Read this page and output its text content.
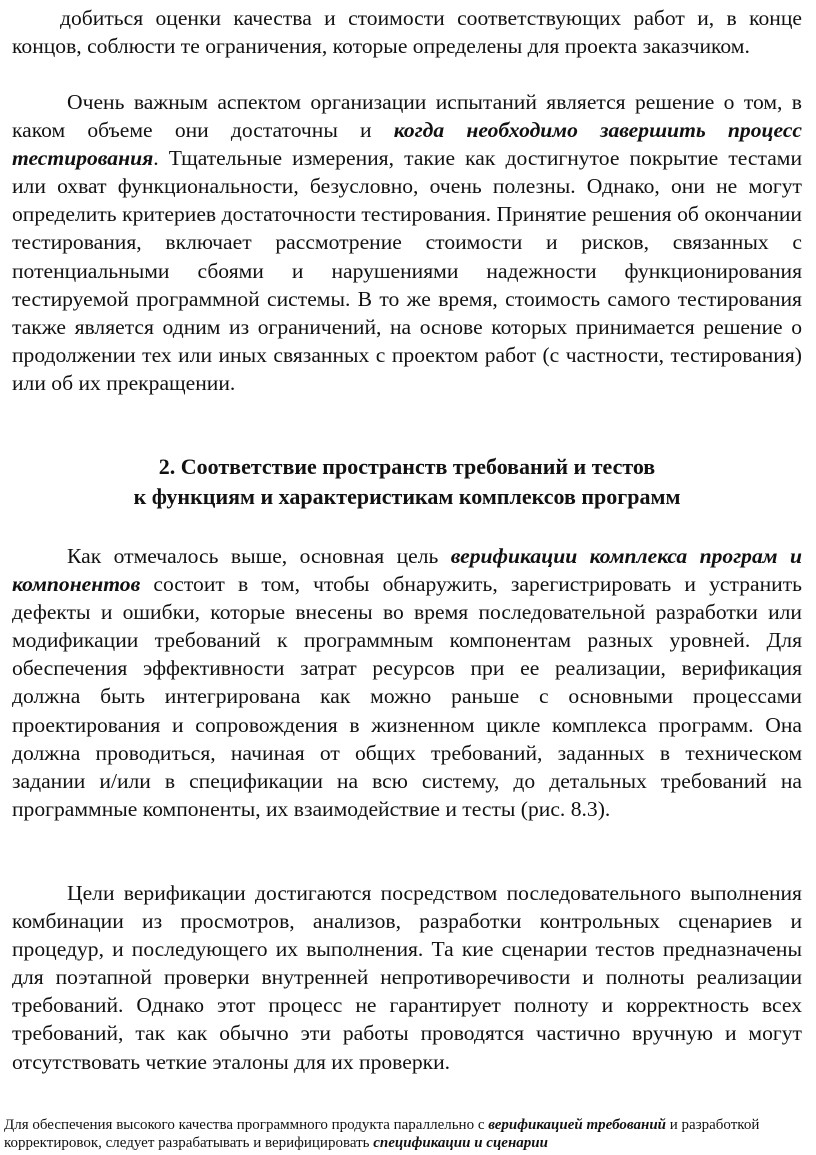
добиться оценки качества и стоимости соответствующих работ и, в конце концов, соблюсти те ограничения, которые определены для проекта заказчиком.

Очень важным аспектом организации испытаний является решение о том, в каком объеме они достаточны и когда необходимо завершить процесс тестирования. Тщательные измерения, такие как достигнутое покрытие тестами или охват функциональности, безусловно, очень полезны. Однако, они не могут определить критериев достаточности тестирования. Принятие решения об окончании тестирования, включает рассмотрение стоимости и рисков, связанных с потенциальными сбоями и нарушениями надежности функционирования тестируемой программной системы. В то же время, стоимость самого тестирования также является одним из ограничений, на основе которых принимается решение о продолжении тех или иных связанных с проектом работ (с частности, тестирования) или об их прекращении.

2. Соответствие пространств требований и тестов
к функциям и характеристикам комплексов программ

Как отмечалось выше, основная цель верификации комплекса програм и компонентов состоит в том, чтобы обнаружить, зарегистрировать и устранить дефекты и ошибки, которые внесены во время последовательной разработки или модификации требований к программным компонентам разных уровней. Для обеспечения эффективности затрат ресурсов при ее реализации, верификация должна быть интегрирована как можно раньше с основными процессами проектирования и сопровождения в жизненном цикле комплекса программ. Она должна проводиться, начиная от общих требований, заданных в техническом задании и/или в спецификации на всю систему, до детальных требований на программные компоненты, их взаимодействие и тесты (рис. 8.3).

Цели верификации достигаются посредством последовательного выполнения комбинации из просмотров, анализов, разработки контрольных сценариев и процедур, и последующего их выполнения. Та кие сценарии тестов предназначены для поэтапной проверки внутренней непротиворечивости и полноты реализации требований. Однако этот процесс не гарантирует полноту и корректность всех требований, так как обычно эти работы проводятся частично вручную и могут отсутствовать четкие эталоны для их проверки.

Для обеспечения высокого качества программного продукта параллельно с верификацией требований и разработкой корректировок, следует разрабатывать и верифицировать спецификации и сценарии
